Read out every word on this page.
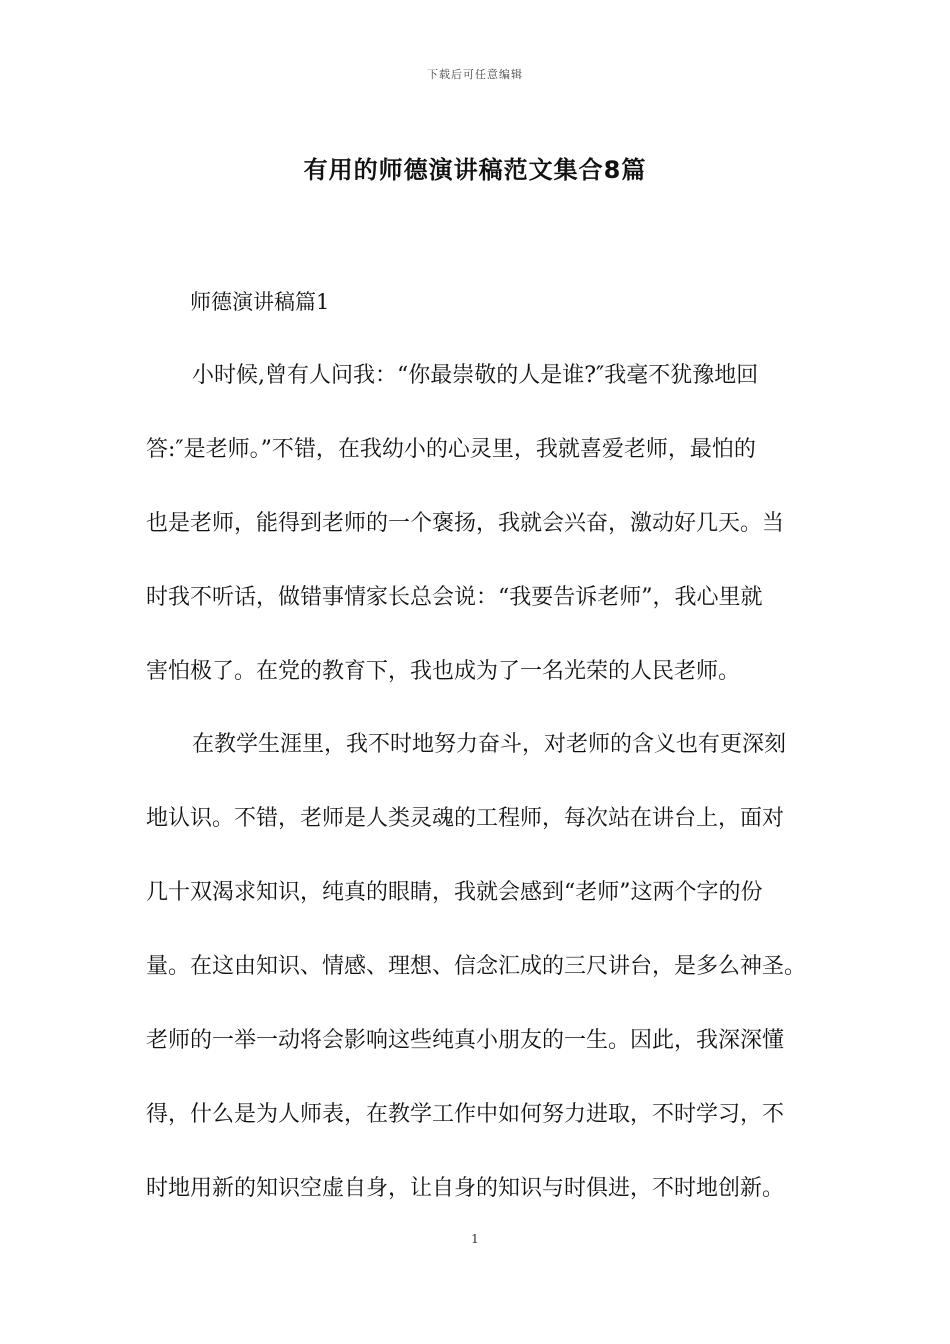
下载后可任意编辑
有用的师德演讲稿范文集合8篇
师德演讲稿篇1
小时候,曾有人问我：“你最崇敬的人是谁?″我毫不犹豫地回
答:″是老师。”不错，在我幼小的心灵里，我就喜爱老师，最怕的
也是老师，能得到老师的一个褒扬，我就会兴奋，激动好几天。当
时我不听话，做错事情家长总会说：“我要告诉老师”，我心里就
害怕极了。在党的教育下，我也成为了一名光荣的人民老师。
在教学生涯里，我不时地努力奋斗，对老师的含义也有更深刻
地认识。不错，老师是人类灵魂的工程师，每次站在讲台上，面对
几十双渴求知识，纯真的眼睛，我就会感到“老师”这两个字的份
量。在这由知识、情感、理想、信念汇成的三尺讲台，是多么神圣。
老师的一举一动将会影响这些纯真小朋友的一生。因此，我深深懂
得，什么是为人师表，在教学工作中如何努力进取，不时学习，不
时地用新的知识空虚自身，让自身的知识与时俱进，不时地创新。
1
